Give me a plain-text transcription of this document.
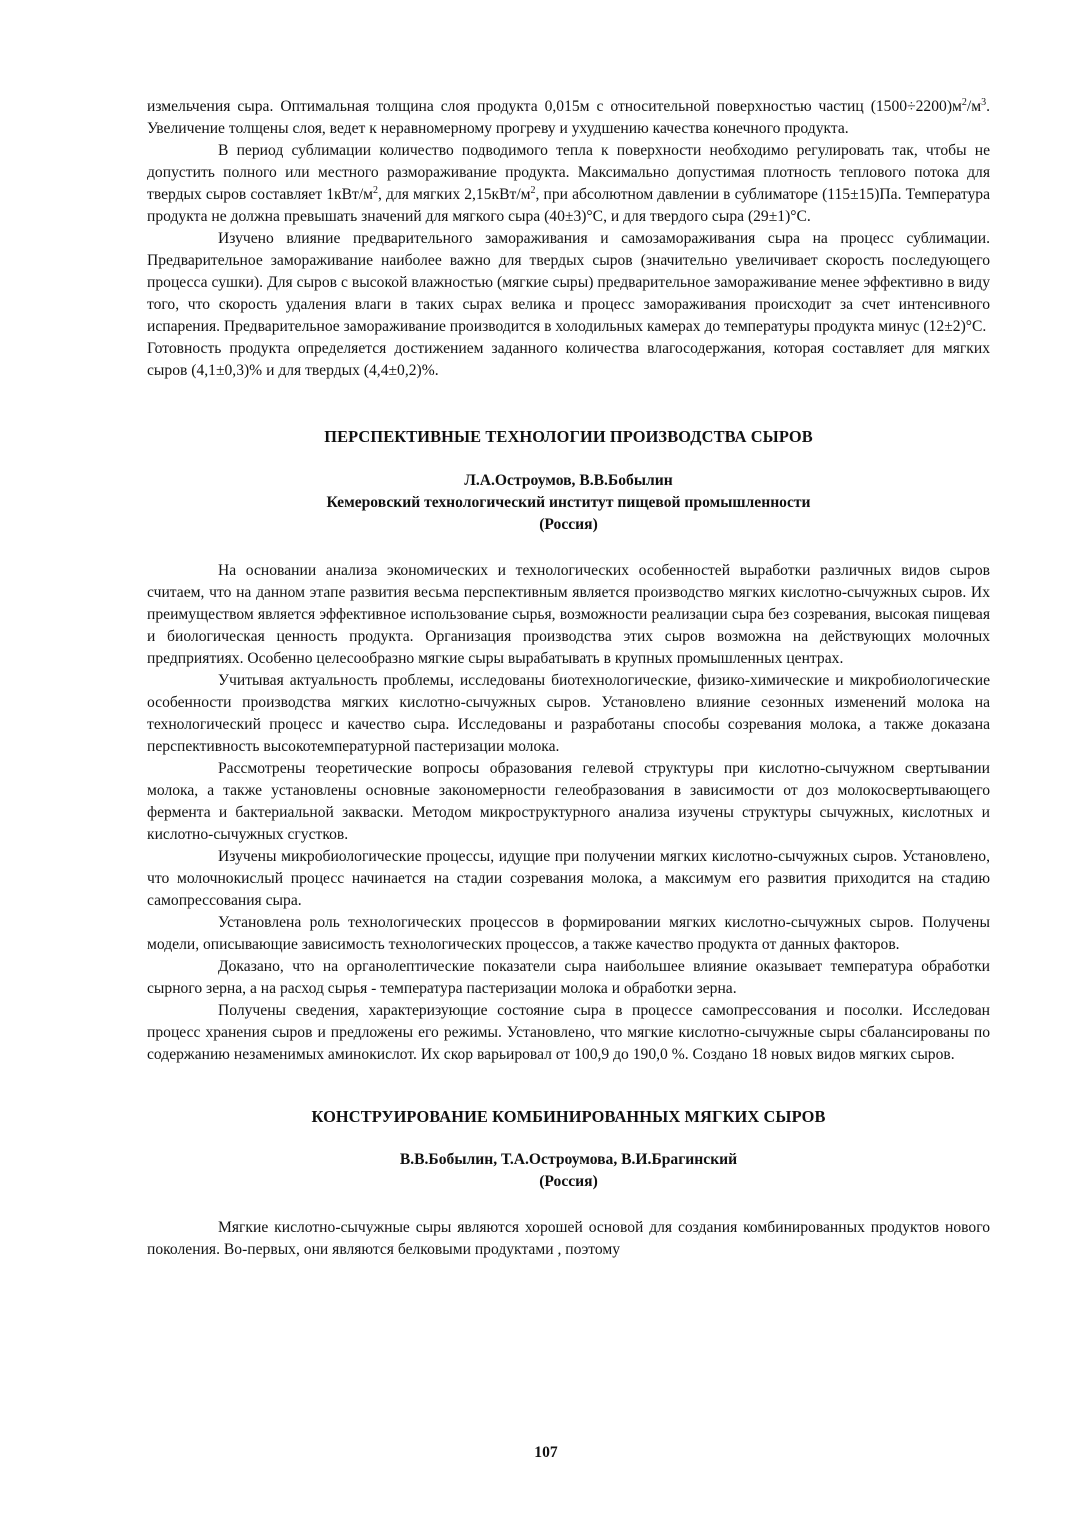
измельчения сыра. Оптимальная толщина слоя продукта 0,015м с относительной поверхностью частиц $(1500\div 2200)м^2/м^3$. Увеличение толщены слоя, ведет к неравномерному прогреву и ухудшению качества конечного продукта.

В период сублимации количество подводимого тепла к поверхности необходимо регулировать так, чтобы не допустить полного или местного размораживание продукта. Максимально допустимая плотность теплового потока для твердых сыров составляет $1кВт/м^2$, для мягких $2,15кВт/м^2$, при абсолютном давлении в сублиматоре (115±15)Па. Температура продукта не должна превышать значений для мягкого сыра (40±3)°С, и для твердого сыра (29±1)°С.

Изучено влияние предварительного замораживания и самозамораживания сыра на процесс сублимации. Предварительное замораживание наиболее важно для твердых сыров (значительно увеличивает скорость последующего процесса сушки). Для сыров с высокой влажностью (мягкие сыры) предварительное замораживание менее эффективно в виду того, что скорость удаления влаги в таких сырах велика и процесс замораживания происходит за счет интенсивного испарения. Предварительное замораживание производится в холодильных камерах до температуры продукта минус (12±2)°С.

Готовность продукта определяется достижением заданного количества влагосодержания, которая составляет для мягких сыров (4,1±0,3)% и для твердых (4,4±0,2)%.

ПЕРСПЕКТИВНЫЕ ТЕХНОЛОГИИ ПРОИЗВОДСТВА СЫРОВ
Л.А.Остроумов, В.В.Бобылин
Кемеровский технологический институт пищевой промышленности
(Россия)

На основании анализа экономических и технологических особенностей выработки различных видов сыров считаем, что на данном этапе развития весьма перспективным является производство мягких кислотно-сычужных сыров. Их преимуществом является эффективное использование сырья, возможности реализации сыра без созревания, высокая пищевая и биологическая ценность продукта. Организация производства этих сыров возможна на действующих молочных предприятиях. Особенно целесообразно мягкие сыры вырабатывать в крупных промышленных центрах.

Учитывая актуальность проблемы, исследованы биотехнологические, физико-химические и микробиологические особенности производства мягких кислотно-сычужных сыров. Установлено влияние сезонных изменений молока на технологический процесс и качество сыра. Исследованы и разработаны способы созревания молока, а также доказана перспективность высокотемпературной пастеризации молока.

Рассмотрены теоретические вопросы образования гелевой структуры при кислотно-сычужном свертывании молока, а также установлены основные закономерности гелеобразования в зависимости от доз молокосвертывающего фермента и бактериальной закваски. Методом микроструктурного анализа изучены структуры сычужных, кислотных и кислотно-сычужных сгустков.

Изучены микробиологические процессы, идущие при получении мягких кислотно-сычужных сыров. Установлено, что молочнокислый процесс начинается на стадии созревания молока, а максимум его развития приходится на стадию самопрессования сыра.

Установлена роль технологических процессов в формировании мягких кислотно-сычужных сыров. Получены модели, описывающие зависимость технологических процессов, а также качество продукта от данных факторов.

Доказано, что на органолептические показатели сыра наибольшее влияние оказывает температура обработки сырного зерна, а на расход сырья - температура пастеризации молока и обработки зерна.

Получены сведения, характеризующие состояние сыра в процессе самопрессования и посолки. Исследован процесс хранения сыров и предложены его режимы. Установлено, что мягкие кислотно-сычужные сыры сбалансированы по содержанию незаменимых аминокислот. Их скор варьировал от 100,9 до 190,0 %. Создано 18 новых видов мягких сыров.

КОНСТРУИРОВАНИЕ КОМБИНИРОВАННЫХ МЯГКИХ СЫРОВ
В.В.Бобылин, Т.А.Остроумова, В.И.Брагинский
(Россия)

Мягкие кислотно-сычужные сыры являются хорошей основой для создания комбинированных продуктов нового поколения. Во-первых, они являются белковыми продуктами , поэтому

107
